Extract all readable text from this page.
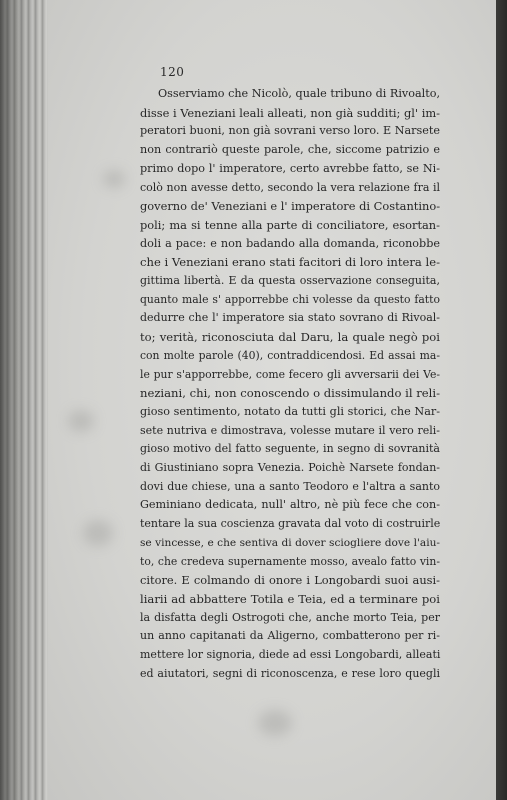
120
Osserviamo che Nicolò, quale tribuno di Rivoalto,
disse i Veneziani leali alleati, non già sudditi; gl' im-
peratori buoni, non già sovrani verso loro. E Narsete
non contrariò queste parole, che, siccome patrizio e
primo dopo l' imperatore, certo avrebbe fatto, se Ni-
colò non avesse detto, secondo la vera relazione fra il
governo de' Veneziani e l' imperatore di Costantino-
poli; ma si tenne alla parte di conciliatore, esortan-
doli a pace: e non badando alla domanda, riconobbe
che i Veneziani erano stati facitori di loro intera le-
gittima libertà. E da questa osservazione conseguita,
quanto male s' apporrebbe chi volesse da questo fatto
dedurre che l' imperatore sia stato sovrano di Rivoal-
to; verità, riconosciuta dal Daru, la quale negò poi
con molte parole (40), contraddicendosi. Ed assai ma-
le pur s'apporrebbe, come fecero gli avversarii dei Ve-
neziani, chi, non conoscendo o dissimulando il reli-
gioso sentimento, notato da tutti gli storici, che Nar-
sete nutriva e dimostrava, volesse mutare il vero reli-
gioso motivo del fatto seguente, in segno di sovranità
di Giustiniano sopra Venezia. Poichè Narsete fondan-
dovi due chiese, una a santo Teodoro e l'altra a santo
Geminiano dedicata, null' altro, nè più fece che con-
tentare la sua coscienza gravata dal voto di costruirle
se vincesse, e che sentiva di dover sciogliere dove l'aiu-
to, che credeva supernamente mosso, avealo fatto vin-
citore. E colmando di onore i Longobardi suoi ausi-
liarii ad abbattere Totila e Teia, ed a terminare poi
la disfatta degli Ostrogoti che, anche morto Teia, per
un anno capitanati da Aligerno, combatterono per ri-
mettere lor signoria, diede ad essi Longobardi, alleati
ed aiutatori, segni di riconoscenza, e rese loro quegli
